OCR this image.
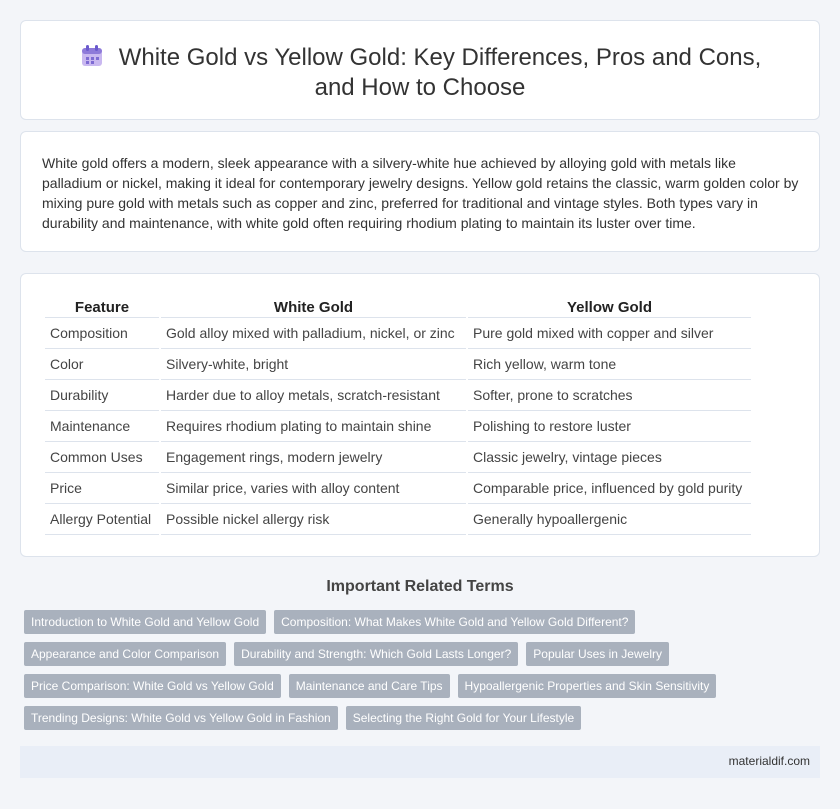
White Gold vs Yellow Gold: Key Differences, Pros and Cons, and How to Choose

White gold offers a modern, sleek appearance with a silvery-white hue achieved by alloying gold with metals like palladium or nickel, making it ideal for contemporary jewelry designs. Yellow gold retains the classic, warm golden color by mixing pure gold with metals such as copper and zinc, preferred for traditional and vintage styles. Both types vary in durability and maintenance, with white gold often requiring rhodium plating to maintain its luster over time.

Feature	White Gold	Yellow Gold
Composition	Gold alloy mixed with palladium, nickel, or zinc	Pure gold mixed with copper and silver
Color	Silvery-white, bright	Rich yellow, warm tone
Durability	Harder due to alloy metals, scratch-resistant	Softer, prone to scratches
Maintenance	Requires rhodium plating to maintain shine	Polishing to restore luster
Common Uses	Engagement rings, modern jewelry	Classic jewelry, vintage pieces
Price	Similar price, varies with alloy content	Comparable price, influenced by gold purity
Allergy Potential	Possible nickel allergy risk	Generally hypoallergenic
Important Related Terms
Introduction to White Gold and Yellow Gold	Composition: What Makes White Gold and Yellow Gold Different?
Appearance and Color Comparison	Durability and Strength: Which Gold Lasts Longer?	Popular Uses in Jewelry
Price Comparison: White Gold vs Yellow Gold	Maintenance and Care Tips	Hypoallergenic Properties and Skin Sensitivity
Trending Designs: White Gold vs Yellow Gold in Fashion	Selecting the Right Gold for Your Lifestyle
materialdif.com
